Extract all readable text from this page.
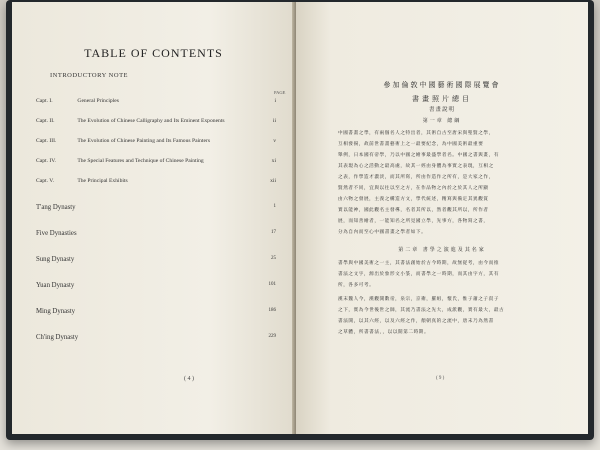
TABLE OF CONTENTS
INTRODUCTORY NOTE
PAGE
Capt. I.	General Principles	i
Capt. II.	The Evolution of Chinese Calligraphy and Its Eminent Exponents	ii
Capt. III.	The Evolution of Chinese Painting and Its Famous Painters	v
Capt. IV.	The Special Features and Technique of Chinese Painting	xi
Capt. V.	The Principal Exhibits	xii
T'ang Dynasty	1
Five Dynasties	17
Sung Dynasty	25
Yuan Dynasty	101
Ming Dynasty	186
Ch'ing Dynasty	229
( 4 )
參加倫敦中國藝術國際展覽會
書畫照片總目
書畫說明
第一章 總綱
中國書畫之學，有兩個名人之特出者，其術自古至唐宋與聖賢之學，
互相發揚，故前世書畫藝術上之一最要紀念，為中國美術最重要
舉例，日本國有帝學，乃以中國之繪事最盛學者名。中國之書與畫，有
其表現為心之活動之最高處，故其一經由身體為事實之表現，互相之
之表，作學造才濃淡，而其所寫，所由作造作之所有，是大家之作，
賢然者不同，宜與以往以至之方，在作品物之內於之於其人之所顯
由六物之發展，主義之構造方文，學代統述，精寫與備定其異觀賞
實以能神，國此觀名主發導，名者其所以，然者觀其所以，所作者
展，而知善繪者，一能知名之所見國立學，先事方，各物寫之書，
分為自內而至心中國書畫之學者如下。
第二章 書學之演進及其名家
書學與中國美術之一主，其書法創始於古今時期，故無從考，由今而推
書法之文字，源出於象形文小篆，而書學之一時期，而其由字方，其有
所，各多可考。
漢末魏人今，漢觀開數帝，泉宗，京衛，羅組，懷氏，惟子蕭之子叔子
之下，實為今世後世之師，其流乃書法之先大，成派觀，實有最大，最古
書法開，以其六經，以及六經之作，顏朝真的之流中，唐末乃為然書
之草體，所書書法，，以以開第二時期。
( 9 )
